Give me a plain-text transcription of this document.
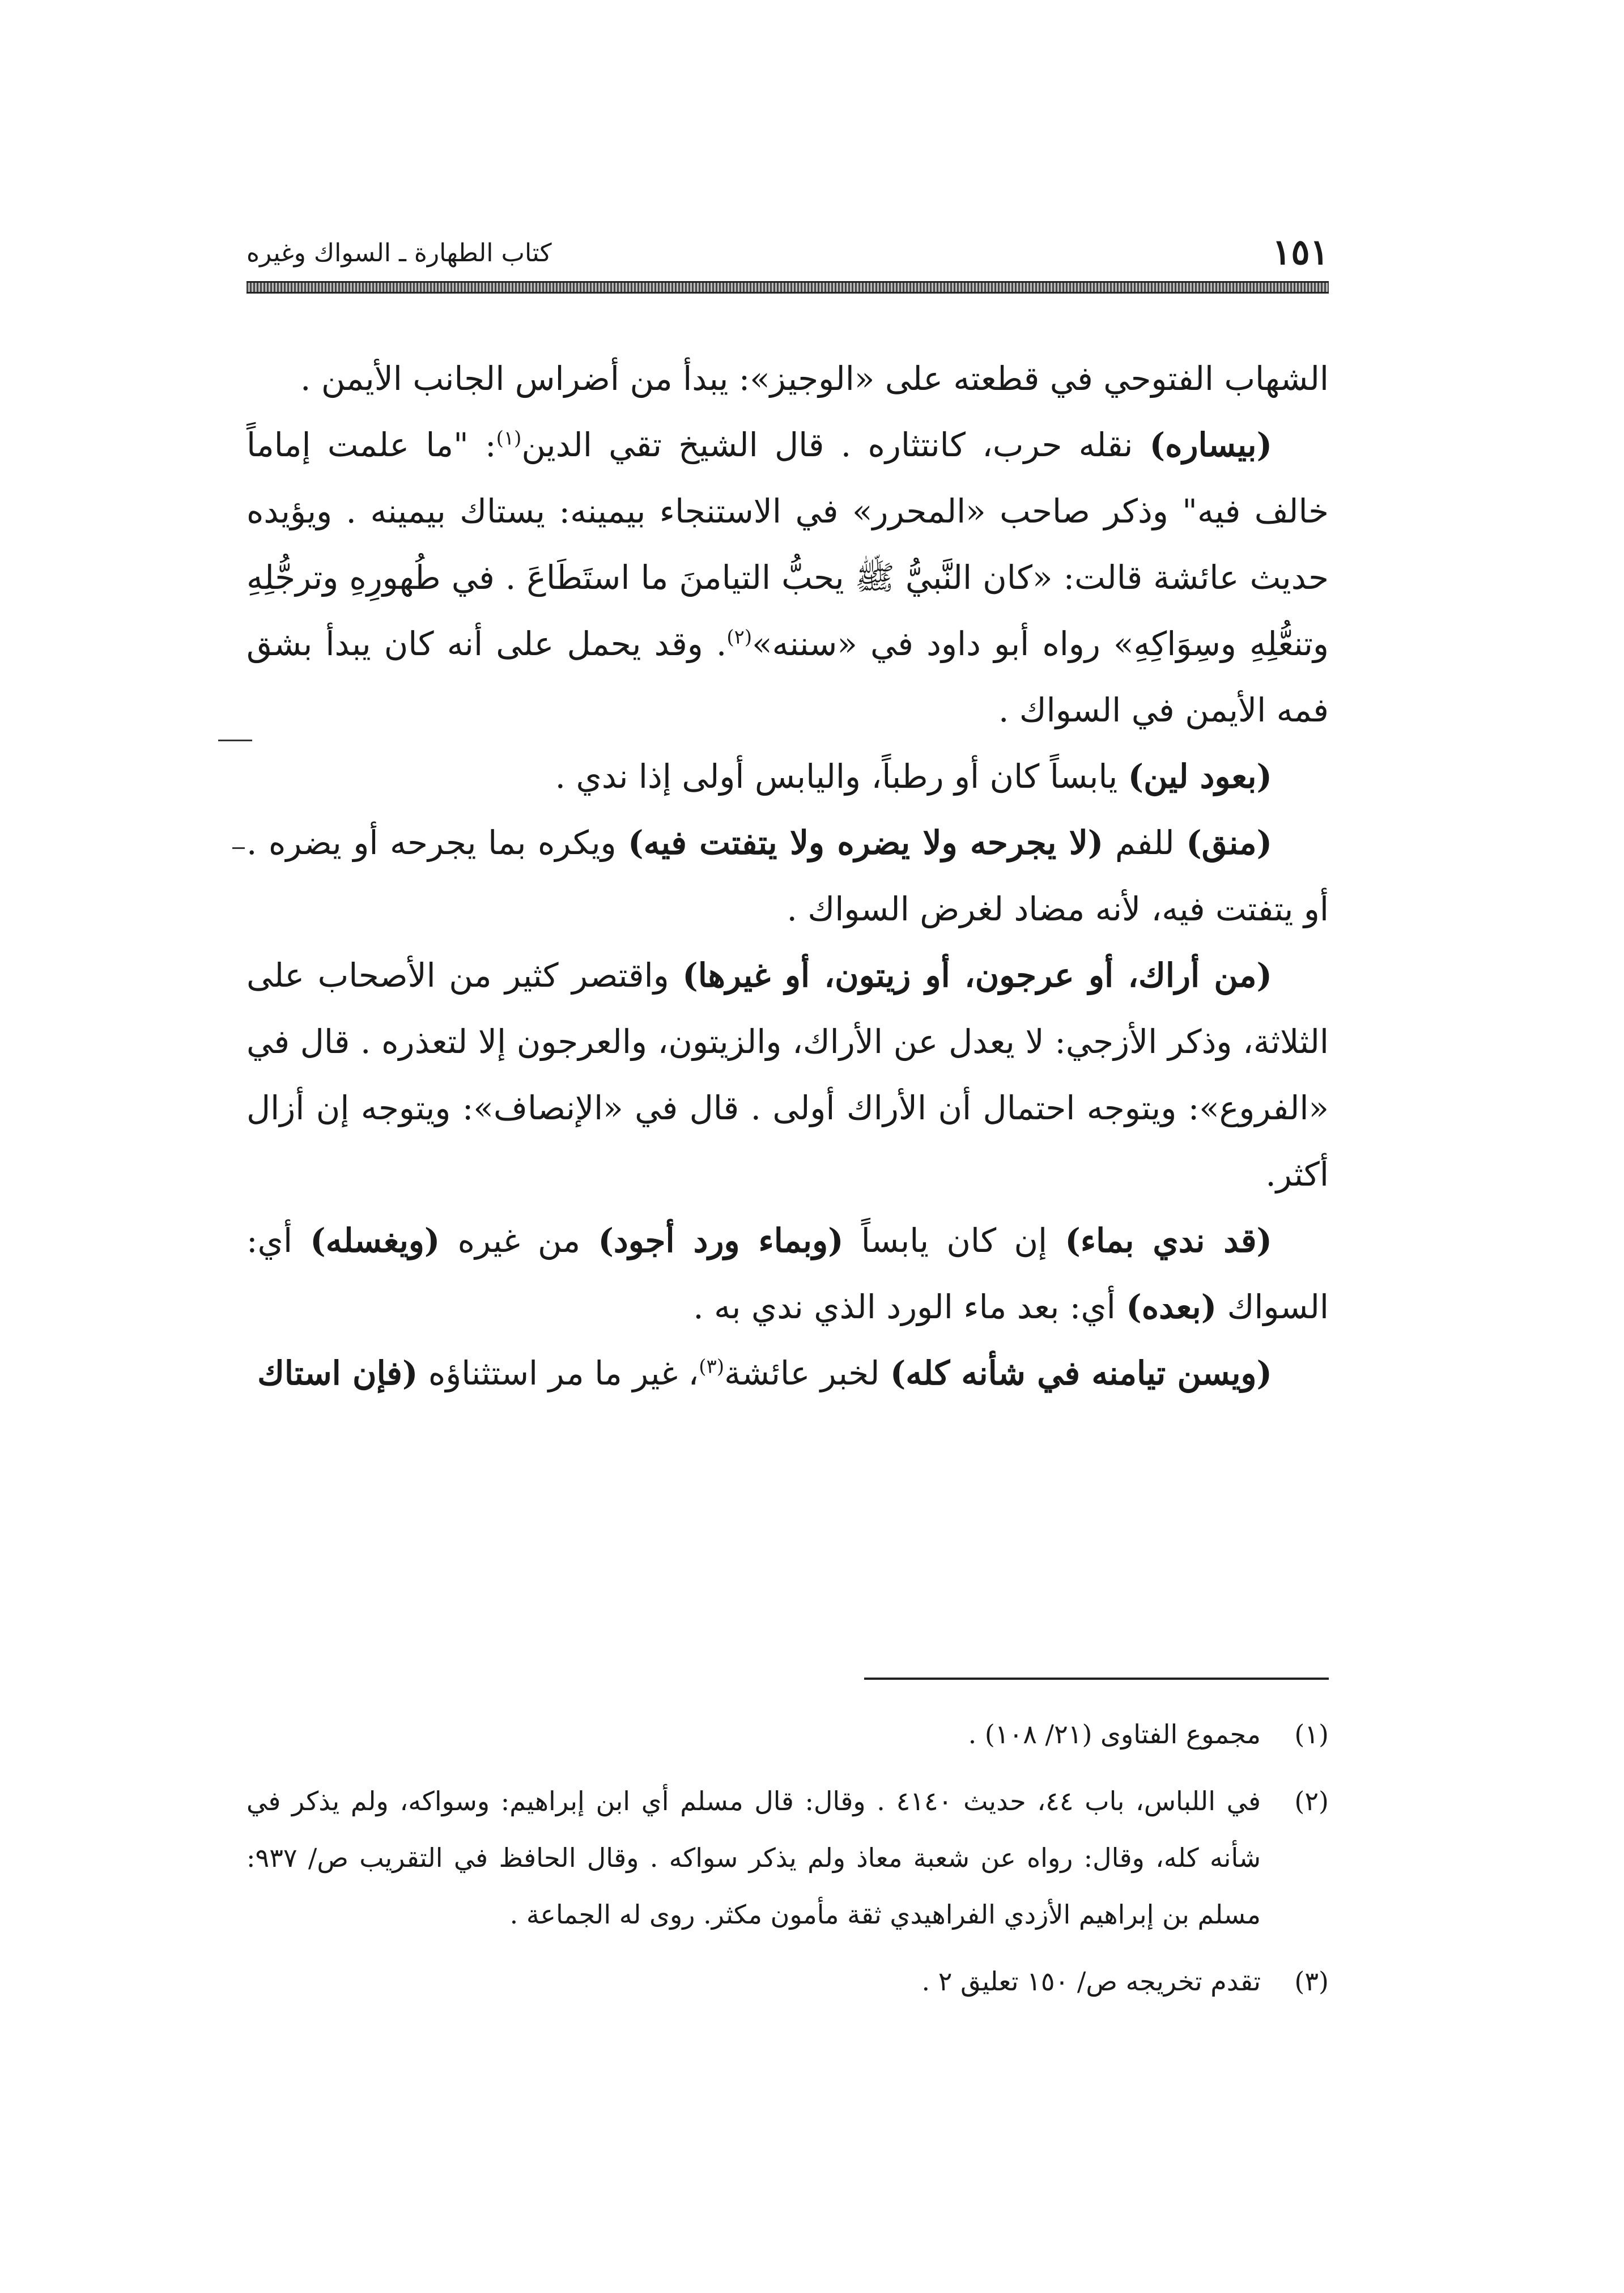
١٥١
كتاب الطهارة ـ السواك وغيره

الشهاب الفتوحي في قطعته على «الوجيز»: يبدأ من أضراس الجانب الأيمن .

(بيساره) نقله حرب، كانتثاره . قال الشيخ تقي الدين$^{(١)}$: "ما علمت إماماً خالف فيه" وذكر صاحب «المحرر» في الاستنجاء بيمينه: يستاك بيمينه . ويؤيده حديث عائشة قالت: «كان النَّبيُّ ﷺ يحبُّ التيامنَ ما استَطَاعَ . في طُهورِهِ وترجُّلِهِ وتنعُّلِهِ وسِوَاكِهِ» رواه أبو داود في «سننه»$^{(٢)}$. وقد يحمل على أنه كان يبدأ بشق فمه الأيمن في السواك .

(بعود لين) يابساً كان أو رطباً، واليابس أولى إذا ندي .

(منق) للفم (لا يجرحه ولا يضره ولا يتفتت فيه) ويكره بما يجرحه أو يضره . أو يتفتت فيه، لأنه مضاد لغرض السواك .

(من أراك، أو عرجون، أو زيتون، أو غيرها) واقتصر كثير من الأصحاب على الثلاثة، وذكر الأزجي: لا يعدل عن الأراك، والزيتون، والعرجون إلا لتعذره . قال في «الفروع»: ويتوجه احتمال أن الأراك أولى . قال في «الإنصاف»: ويتوجه إن أزال أكثر.

(قد ندي بماء) إن كان يابساً (وبماء ورد أجود) من غيره (ويغسله) أي: السواك (بعده) أي: بعد ماء الورد الذي ندي به .

(ويسن تيامنه في شأنه كله) لخبر عائشة$^{(٣)}$، غير ما مر استثناؤه (فإن استاك

(١)
مجموع الفتاوى (٢١/ ١٠٨) .
(٢)
في اللباس، باب ٤٤، حديث ٤١٤٠ . وقال: قال مسلم أي ابن إبراهيم: وسواكه، ولم يذكر في شأنه كله، وقال: رواه عن شعبة معاذ ولم يذكر سواكه . وقال الحافظ في التقريب ص/ ٩٣٧: مسلم بن إبراهيم الأزدي الفراهيدي ثقة مأمون مكثر. روى له الجماعة .
(٣)
تقدم تخريجه ص/ ١٥٠ تعليق ٢ .
